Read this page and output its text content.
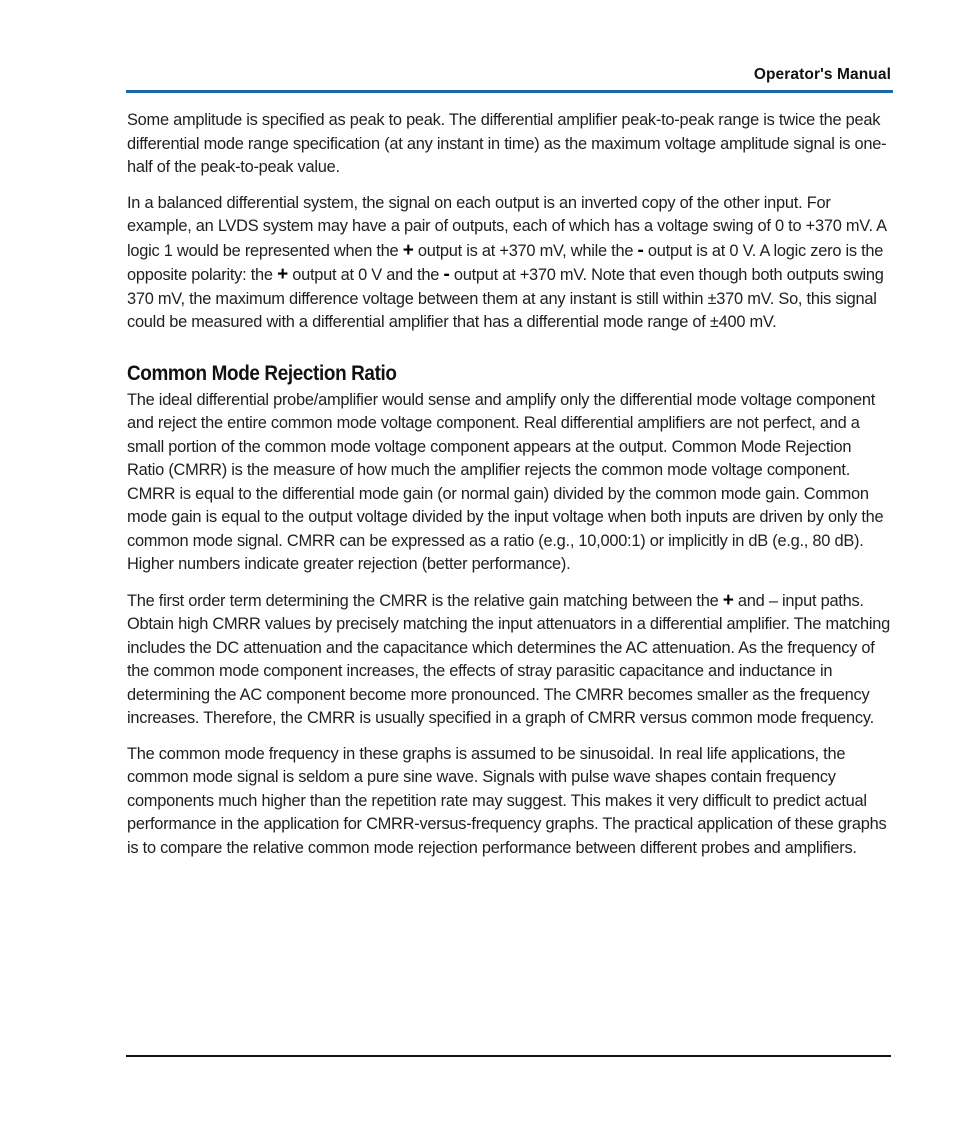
Operator's Manual

Some amplitude is specified as peak to peak. The differential amplifier peak-to-peak range is twice the peak differential mode range specification (at any instant in time) as the maximum voltage amplitude signal is one-half of the peak-to-peak value.

In a balanced differential system, the signal on each output is an inverted copy of the other input. For example, an LVDS system may have a pair of outputs, each of which has a voltage swing of 0 to +370 mV. A logic 1 would be represented when the + output is at +370 mV, while the - output is at 0 V. A logic zero is the opposite polarity: the + output at 0 V and the - output at +370 mV. Note that even though both outputs swing 370 mV, the maximum difference voltage between them at any instant is still within ±370 mV. So, this signal could be measured with a differential amplifier that has a differential mode range of ±400 mV.

Common Mode Rejection Ratio

The ideal differential probe/amplifier would sense and amplify only the differential mode voltage component and reject the entire common mode voltage component. Real differential amplifiers are not perfect, and a small portion of the common mode voltage component appears at the output. Common Mode Rejection Ratio (CMRR) is the measure of how much the amplifier rejects the common mode voltage component. CMRR is equal to the differential mode gain (or normal gain) divided by the common mode gain. Common mode gain is equal to the output voltage divided by the input voltage when both inputs are driven by only the common mode signal. CMRR can be expressed as a ratio (e.g., 10,000:1) or implicitly in dB (e.g., 80 dB). Higher numbers indicate greater rejection (better performance).

The first order term determining the CMRR is the relative gain matching between the + and – input paths. Obtain high CMRR values by precisely matching the input attenuators in a differential amplifier. The matching includes the DC attenuation and the capacitance which determines the AC attenuation. As the frequency of the common mode component increases, the effects of stray parasitic capacitance and inductance in determining the AC component become more pronounced. The CMRR becomes smaller as the frequency increases. Therefore, the CMRR is usually specified in a graph of CMRR versus common mode frequency.

The common mode frequency in these graphs is assumed to be sinusoidal. In real life applications, the common mode signal is seldom a pure sine wave. Signals with pulse wave shapes contain frequency components much higher than the repetition rate may suggest. This makes it very difficult to predict actual performance in the application for CMRR-versus-frequency graphs. The practical application of these graphs is to compare the relative common mode rejection performance between different probes and amplifiers.
